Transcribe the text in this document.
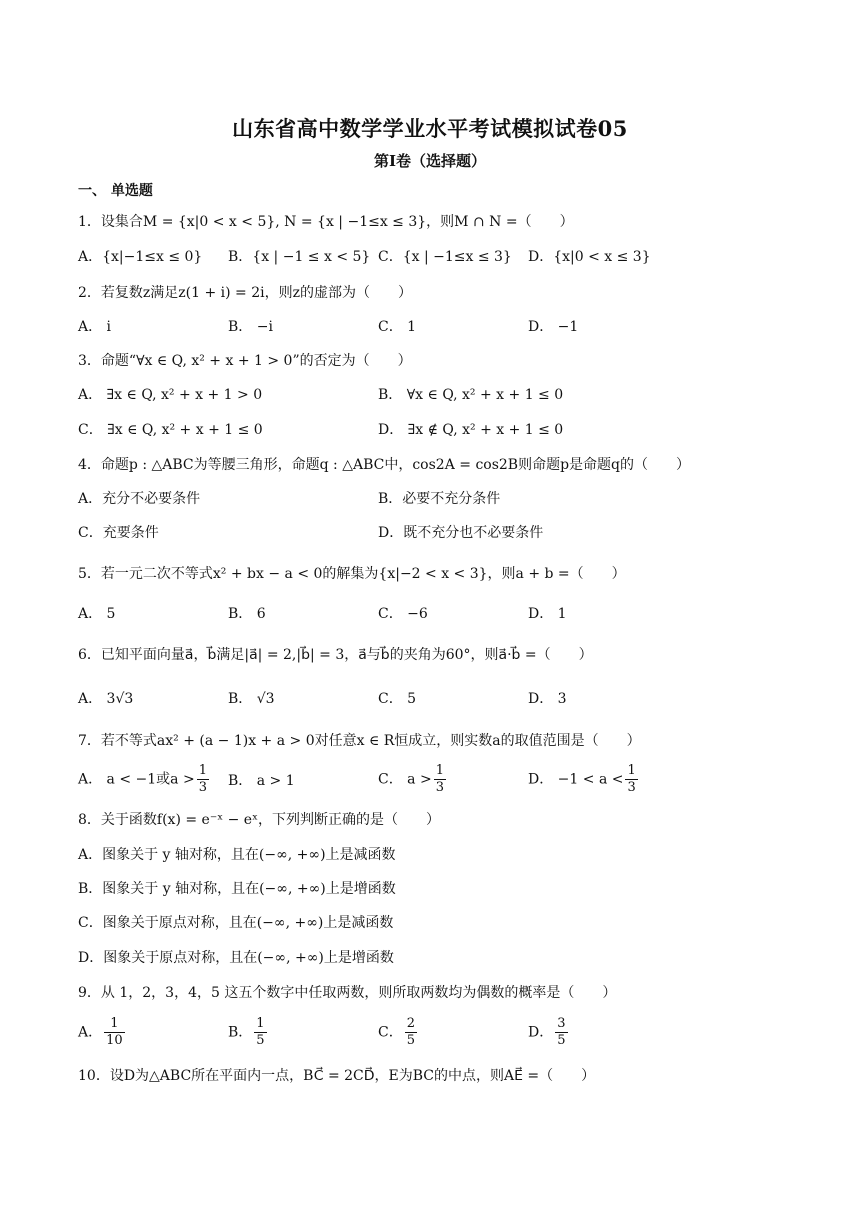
山东省高中数学学业水平考试模拟试卷05
第Ⅰ卷（选择题）
一、 单选题
1．设集合M = {x|0 < x < 5}, N = {x | −1≤x ≤ 3}，则M ∩ N =（　　）
A．{x|−1≤x ≤ 0} B．{x | −1 ≤ x < 5} C．{x | −1≤x ≤ 3} D．{x|0 < x ≤ 3}
2．若复数z满足z(1 + i) = 2i，则z的虚部为（　　）
A． i	B． −i	C． 1	D． −1
3．命题“∀x ∈ Q, x² + x + 1 > 0”的否定为（　　）
A． ∃x ∈ Q, x² + x + 1 > 0	B． ∀x ∈ Q, x² + x + 1 ≤ 0
C． ∃x ∈ Q, x² + x + 1 ≤ 0	D． ∃x ∉ Q, x² + x + 1 ≤ 0
4．命题p : △ABC为等腰三角形，命题q : △ABC中，cos2A = cos2B则命题p是命题q的（　　）
A．充分不必要条件	B．必要不充分条件
C．充要条件	D．既不充分也不必要条件
5．若一元二次不等式x² + bx − a < 0的解集为{x|−2 < x < 3}，则a + b =（　　）
A． 5	B． 6	C． −6	D． 1
6．已知平面向量a⃗，b⃗满足|a⃗| = 2,|b⃗| = 3，a⃗与b⃗的夹角为60°，则a⃗·b⃗ =（　　）
A． 3√3	B． √3	C． 5	D． 3
7．若不等式ax² + (a − 1)x + a > 0对任意x ∈ R恒成立，则实数a的取值范围是（　　）
A． a < −1或$a > \frac{1}{3}$ B． a > 1	C． $a > \frac{1}{3}$	D． $-1 < a < \frac{1}{3}$
8．关于函数f(x) = e⁻ˣ − eˣ，下列判断正确的是（　　）
A．图象关于 y 轴对称，且在(−∞, +∞)上是减函数
B．图象关于 y 轴对称，且在(−∞, +∞)上是增函数
C．图象关于原点对称，且在(−∞, +∞)上是减函数
D．图象关于原点对称，且在(−∞, +∞)上是增函数
9．从 1，2，3，4，5 这五个数字中任取两数，则所取两数均为偶数的概率是（　　）
A． $\frac{1}{10}$	B． $\frac{1}{5}$	C． $\frac{2}{5}$	D． $\frac{3}{5}$
10．设D为△ABC所在平面内一点，BC⃗ = 2CD⃗，E为BC的中点，则AE⃗ =（　　）
